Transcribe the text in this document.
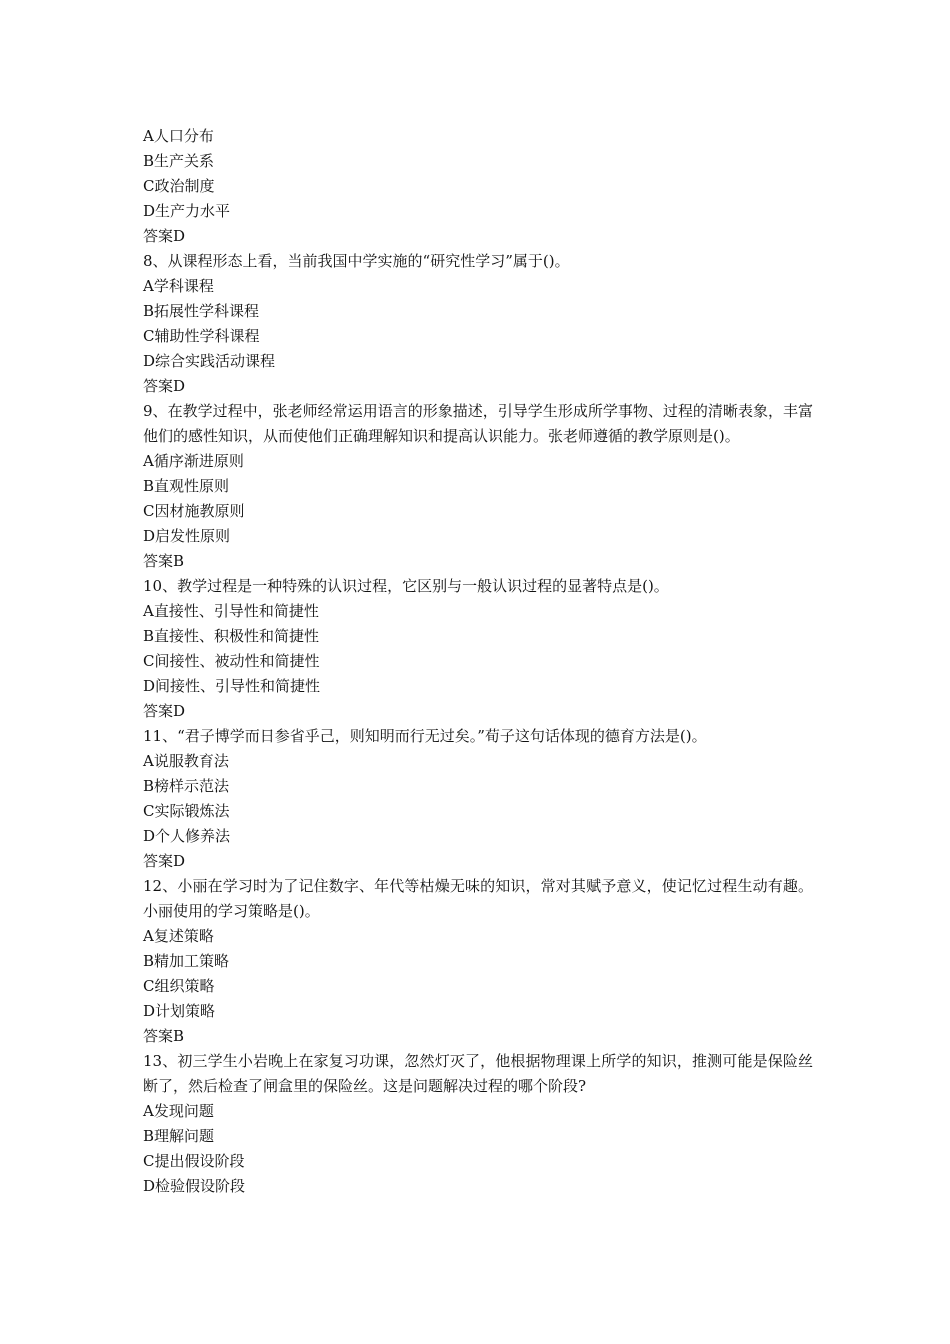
A人口分布
B生产关系
C政治制度
D生产力水平
答案D
8、从课程形态上看，当前我国中学实施的“研究性学习”属于()。
A学科课程
B拓展性学科课程
C辅助性学科课程
D综合实践活动课程
答案D
9、在教学过程中，张老师经常运用语言的形象描述，引导学生形成所学事物、过程的清晰表象，丰富他们的感性知识，从而使他们正确理解知识和提高认识能力。张老师遵循的教学原则是()。
A循序渐进原则
B直观性原则
C因材施教原则
D启发性原则
答案B
10、教学过程是一种特殊的认识过程，它区别与一般认识过程的显著特点是()。
A直接性、引导性和简捷性
B直接性、积极性和简捷性
C间接性、被动性和简捷性
D间接性、引导性和简捷性
答案D
11、“君子博学而日参省乎己，则知明而行无过矣。”荀子这句话体现的德育方法是()。
A说服教育法
B榜样示范法
C实际锻炼法
D个人修养法
答案D
12、小丽在学习时为了记住数字、年代等枯燥无味的知识，常对其赋予意义，使记忆过程生动有趣。小丽使用的学习策略是()。
A复述策略
B精加工策略
C组织策略
D计划策略
答案B
13、初三学生小岩晚上在家复习功课，忽然灯灭了，他根据物理课上所学的知识，推测可能是保险丝断了，然后检查了闸盒里的保险丝。这是问题解决过程的哪个阶段?
A发现问题
B理解问题
C提出假设阶段
D检验假设阶段
